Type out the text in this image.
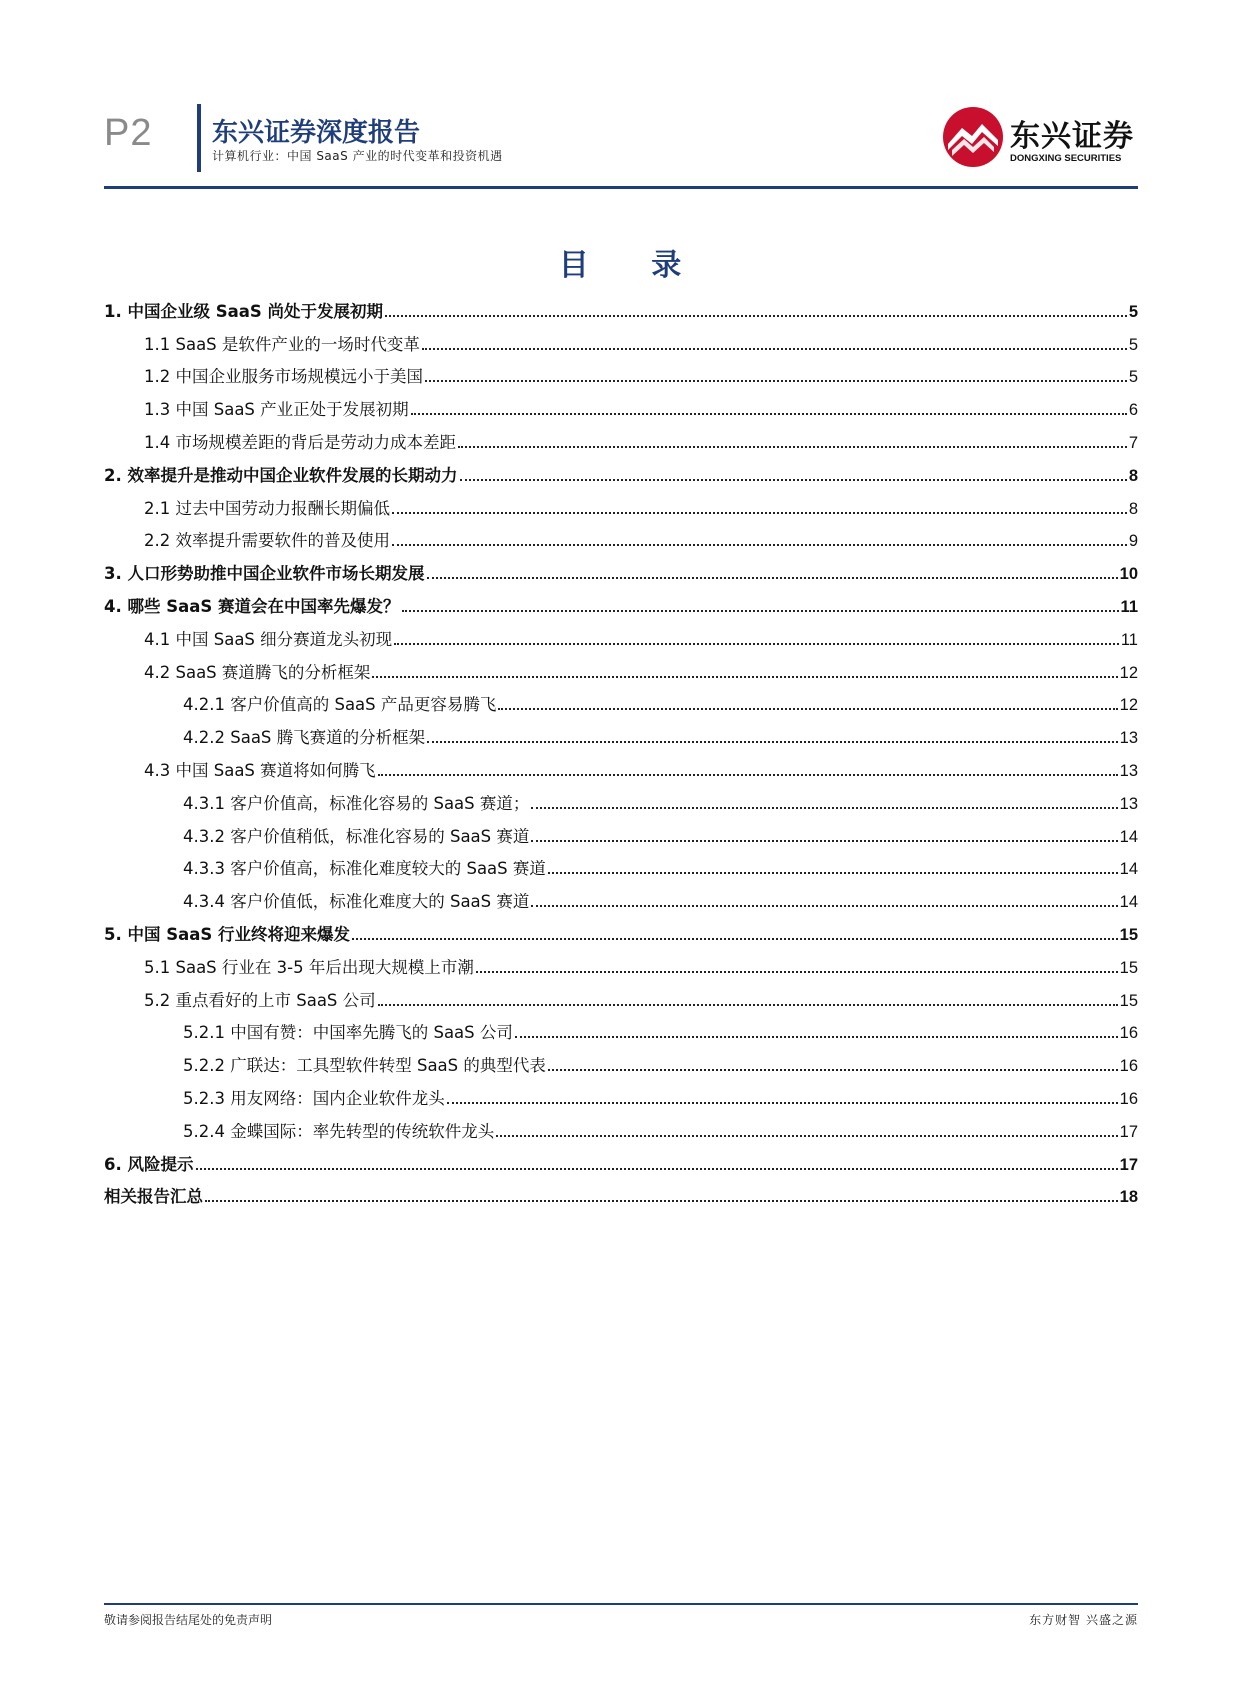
P2 东兴证券深度报告
计算机行业：中国 SaaS 产业的时代变革和投资机遇
东兴证券
DONGXING SECURITIES
目 录
1. 中国企业级 SaaS 尚处于发展初期	5
1.1 SaaS 是软件产业的一场时代变革	5
1.2 中国企业服务市场规模远小于美国	5
1.3 中国 SaaS 产业正处于发展初期	6
1.4 市场规模差距的背后是劳动力成本差距	7
2. 效率提升是推动中国企业软件发展的长期动力	8
2.1 过去中国劳动力报酬长期偏低	8
2.2 效率提升需要软件的普及使用	9
3. 人口形势助推中国企业软件市场长期发展	10
4. 哪些 SaaS 赛道会在中国率先爆发？	11
4.1 中国 SaaS 细分赛道龙头初现	11
4.2 SaaS 赛道腾飞的分析框架	12
4.2.1 客户价值高的 SaaS 产品更容易腾飞	12
4.2.2 SaaS 腾飞赛道的分析框架	13
4.3 中国 SaaS 赛道将如何腾飞	13
4.3.1 客户价值高，标准化容易的 SaaS 赛道；	13
4.3.2 客户价值稍低，标准化容易的 SaaS 赛道	14
4.3.3 客户价值高，标准化难度较大的 SaaS 赛道	14
4.3.4 客户价值低，标准化难度大的 SaaS 赛道	14
5. 中国 SaaS 行业终将迎来爆发	15
5.1 SaaS 行业在 3-5 年后出现大规模上市潮	15
5.2 重点看好的上市 SaaS 公司	15
5.2.1 中国有赞：中国率先腾飞的 SaaS 公司	16
5.2.2 广联达：工具型软件转型 SaaS 的典型代表	16
5.2.3 用友网络：国内企业软件龙头	16
5.2.4 金蝶国际：率先转型的传统软件龙头	17
6. 风险提示	17
相关报告汇总	18
敬请参阅报告结尾处的免责声明	东方财智 兴盛之源
